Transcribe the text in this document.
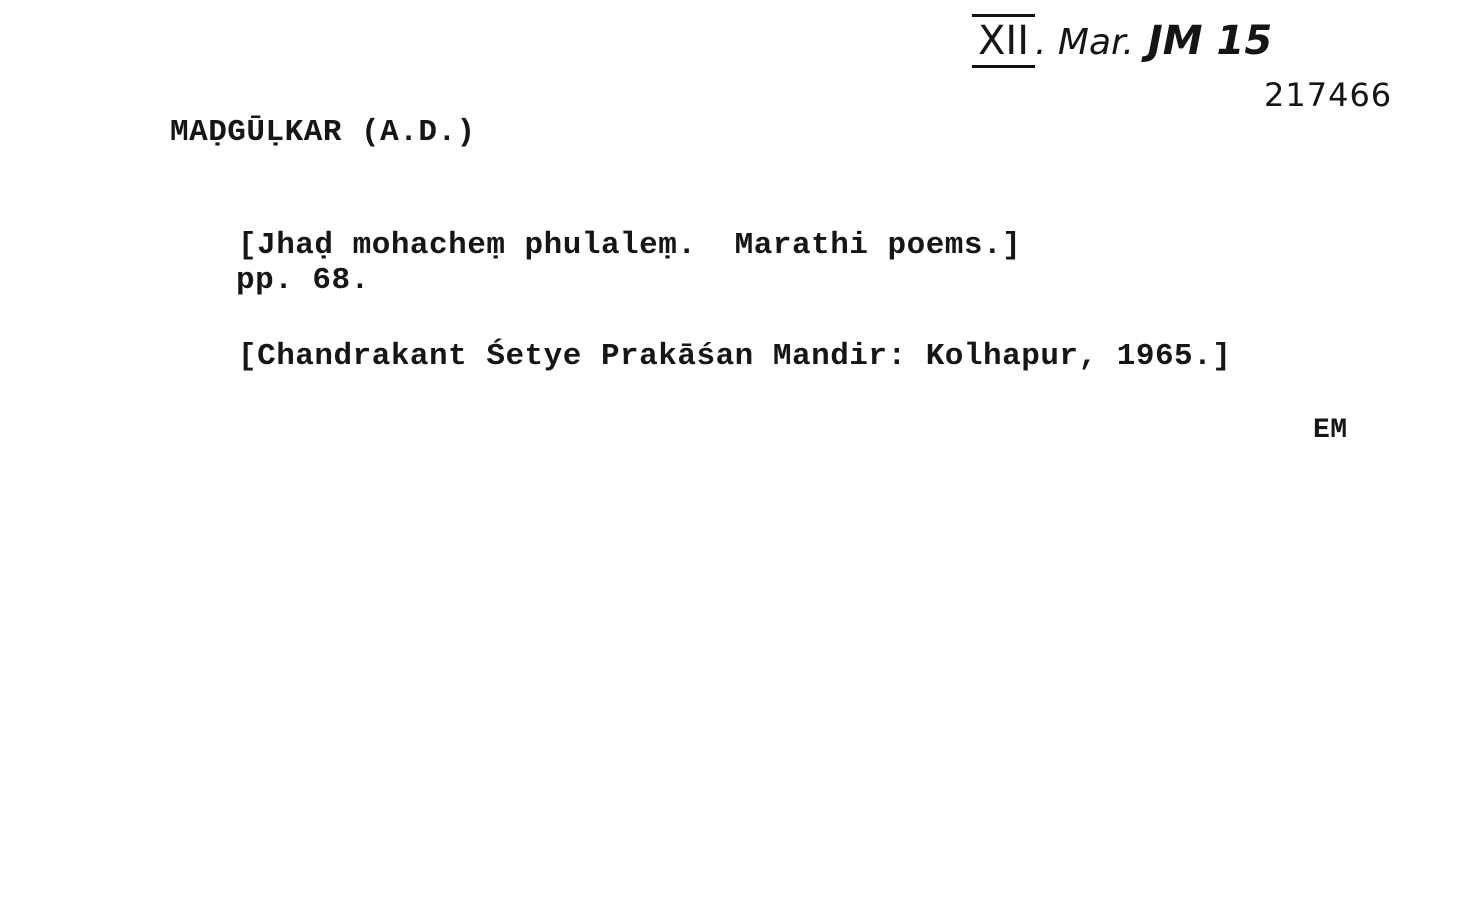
XII . Mar. JM 15
217466
MAḌGŪḶKAR (A.D.)
[Jhaḍ mohacheṃ phulaleṃ.  Marathi poems.]
pp. 68.
[Chandrakant Śetye Prakāśan Mandir: Kolhapur, 1965.]
EM
